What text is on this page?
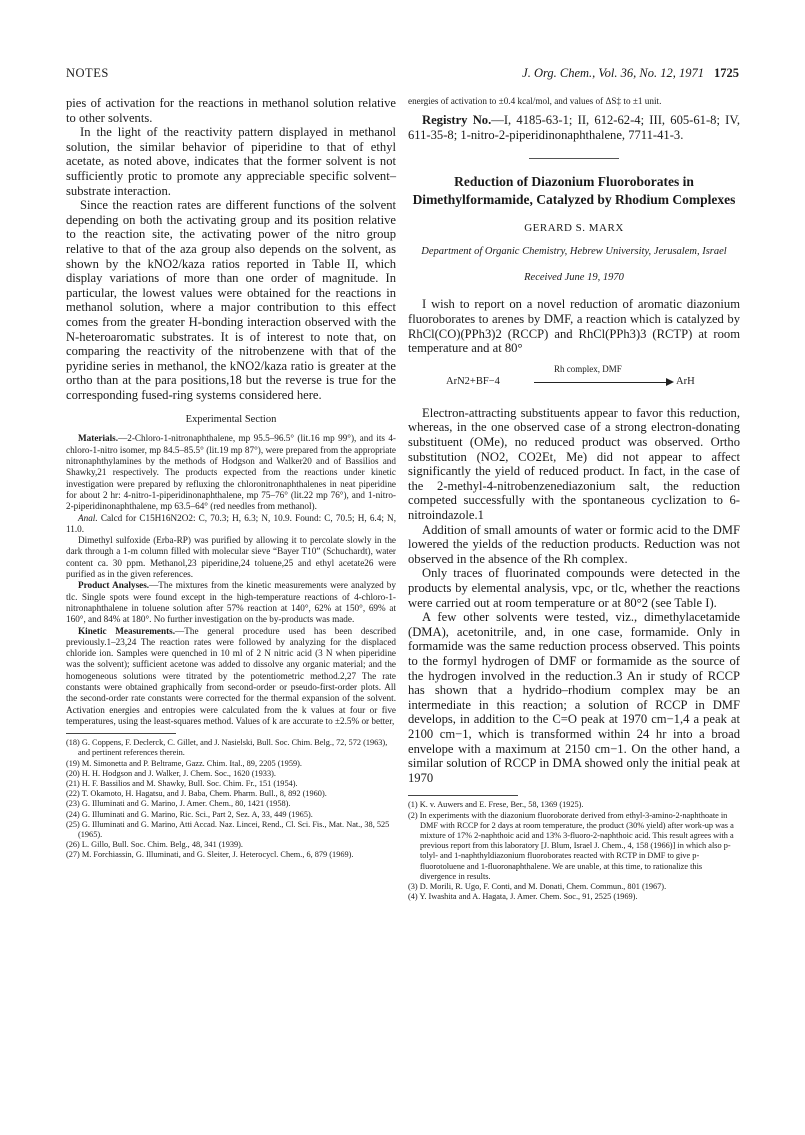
NOTES	J. Org. Chem., Vol. 36, No. 12, 1971 1725

pies of activation for the reactions in methanol solution relative to other solvents.

In the light of the reactivity pattern displayed in methanol solution, the similar behavior of piperidine to that of ethyl acetate, as noted above, indicates that the former solvent is not sufficiently protic to promote any appreciable specific solvent–substrate interaction.

Since the reaction rates are different functions of the solvent depending on both the activating group and its position relative to the reaction site, the activating power of the nitro group relative to that of the aza group also depends on the solvent, as shown by the kNO2/kaza ratios reported in Table II, which display variations of more than one order of magnitude. In particular, the lowest values were obtained for the reactions in methanol solution, where a major contribution to this effect comes from the greater H-bonding interaction observed with the N-heteroaromatic substrates. It is of interest to note that, on comparing the reactivity of the nitrobenzene with that of the pyridine series in methanol, the kNO2/kaza ratio is greater at the ortho than at the para positions,18 but the reverse is true for the corresponding fused-ring systems considered here.

Experimental Section

Materials.—2-Chloro-1-nitronaphthalene, mp 95.5–96.5° (lit.16 mp 99°), and its 4-chloro-1-nitro isomer, mp 84.5–85.5° (lit.19 mp 87°), were prepared from the appropriate nitronaphthylamines by the methods of Hodgson and Walker20 and of Bassilios and Shawky,21 respectively. The products expected from the reactions under kinetic investigation were prepared by refluxing the chloronitronaphthalenes in neat piperidine for about 2 hr: 4-nitro-1-piperidinonaphthalene, mp 75–76° (lit.22 mp 76°), and 1-nitro-2-piperidinonaphthalene, mp 63.5–64° (red needles from methanol).

Anal. Calcd for C15H16N2O2: C, 70.3; H, 6.3; N, 10.9. Found: C, 70.5; H, 6.4; N, 11.0.

Dimethyl sulfoxide (Erba-RP) was purified by allowing it to percolate slowly in the dark through a 1-m column filled with molecular sieve “Bayer T10” (Schuchardt), water content ca. 30 ppm. Methanol,23 piperidine,24 toluene,25 and ethyl acetate26 were purified as in the given references.

Product Analyses.—The mixtures from the kinetic measurements were analyzed by tlc. Single spots were found except in the high-temperature reactions of 4-chloro-1-nitronaphthalene in toluene solution after 57% reaction at 140°, 62% at 150°, 69% at 160°, and 84% at 180°. No further investigation on the by-products was made.

Kinetic Measurements.—The general procedure used has been described previously.1–23,24 The reaction rates were followed by analyzing for the displaced chloride ion. Samples were quenched in 10 ml of 2 N nitric acid (3 N when piperidine was the solvent); sufficient acetone was added to dissolve any organic material; and the homogeneous solutions were titrated by the potentiometric method.2,27 The rate constants were obtained graphically from second-order or pseudo-first-order plots. All the second-order rate constants were corrected for the thermal expansion of the solvent. Activation energies and entropies were calculated from the k values at four or five temperatures, using the least-squares method. Values of k are accurate to ±2.5% or better,

(18) G. Coppens, F. Declerck, C. Gillet, and J. Nasielski, Bull. Soc. Chim. Belg., 72, 572 (1963), and pertinent references therein.

(19) M. Simonetta and P. Beltrame, Gazz. Chim. Ital., 89, 2205 (1959).

(20) H. H. Hodgson and J. Walker, J. Chem. Soc., 1620 (1933).

(21) H. F. Bassilios and M. Shawky, Bull. Soc. Chim. Fr., 151 (1954).

(22) T. Okamoto, H. Hagatsu, and J. Baba, Chem. Pharm. Bull., 8, 892 (1960).

(23) G. Illuminati and G. Marino, J. Amer. Chem., 80, 1421 (1958).

(24) G. Illuminati and G. Marino, Ric. Sci., Part 2, Sez. A, 33, 449 (1965).

(25) G. Illuminati and G. Marino, Atti Accad. Naz. Lincei, Rend., Cl. Sci. Fis., Mat. Nat., 38, 525 (1965).

(26) L. Gillo, Bull. Soc. Chim. Belg., 48, 341 (1939).

(27) M. Forchiassin, G. Illuminati, and G. Sleiter, J. Heterocycl. Chem., 6, 879 (1969).

energies of activation to ±0.4 kcal/mol, and values of ΔS‡ to ±1 unit.

Registry No.—I, 4185-63-1; II, 612-62-4; III, 605-61-8; IV, 611-35-8; 1-nitro-2-piperidinonaphthalene, 7711-41-3.

Reduction of Diazonium Fluoroborates in Dimethylformamide, Catalyzed by Rhodium Complexes
GERARD S. MARX
Department of Organic Chemistry, Hebrew University, Jerusalem, Israel
Received June 19, 1970

I wish to report on a novel reduction of aromatic diazonium fluoroborates to arenes by DMF, a reaction which is catalyzed by RhCl(CO)(PPh3)2 (RCCP) and RhCl(PPh3)3 (RCTP) at room temperature and at 80°

ArN2+BF−4
Rh complex, DMF
ArH

Electron-attracting substituents appear to favor this reduction, whereas, in the one observed case of a strong electron-donating substituent (OMe), no reduced product was observed. Ortho substitution (NO2, CO2Et, Me) did not appear to affect significantly the yield of reduced product. In fact, in the case of the 2-methyl-4-nitrobenzenediazonium salt, the reduction competed successfully with the spontaneous cyclization to 6-nitroindazole.1

Addition of small amounts of water or formic acid to the DMF lowered the yields of the reduction products. Reduction was not observed in the absence of the Rh complex.

Only traces of fluorinated compounds were detected in the products by elemental analysis, vpc, or tlc, whether the reactions were carried out at room temperature or at 80°2 (see Table I).

A few other solvents were tested, viz., dimethylacetamide (DMA), acetonitrile, and, in one case, formamide. Only in formamide was the same reduction process observed. This points to the formyl hydrogen of DMF or formamide as the source of the hydrogen involved in the reduction.3 An ir study of RCCP has shown that a hydrido–rhodium complex may be an intermediate in this reaction; a solution of RCCP in DMF develops, in addition to the C=O peak at 1970 cm−1,4 a peak at 2100 cm−1, which is transformed within 24 hr into a broad envelope with a maximum at 2150 cm−1. On the other hand, a similar solution of RCCP in DMA showed only the initial peak at 1970

(1) K. v. Auwers and E. Frese, Ber., 58, 1369 (1925).

(2) In experiments with the diazonium fluoroborate derived from ethyl-3-amino-2-naphthoate in DMF with RCCP for 2 days at room temperature, the product (30% yield) after work-up was a mixture of 17% 2-naphthoic acid and 13% 3-fluoro-2-naphthoic acid. This result agrees with a previous report from this laboratory [J. Blum, Israel J. Chem., 4, 158 (1966)] in which also p-tolyl- and 1-naphthyldiazonium fluoroborates reacted with RCTP in DMF to give p-fluorotoluene and 1-fluoronaphthalene. We are unable, at this time, to rationalize this divergence in results.

(3) D. Morili, R. Ugo, F. Conti, and M. Donati, Chem. Commun., 801 (1967).

(4) Y. Iwashita and A. Hagata, J. Amer. Chem. Soc., 91, 2525 (1969).
